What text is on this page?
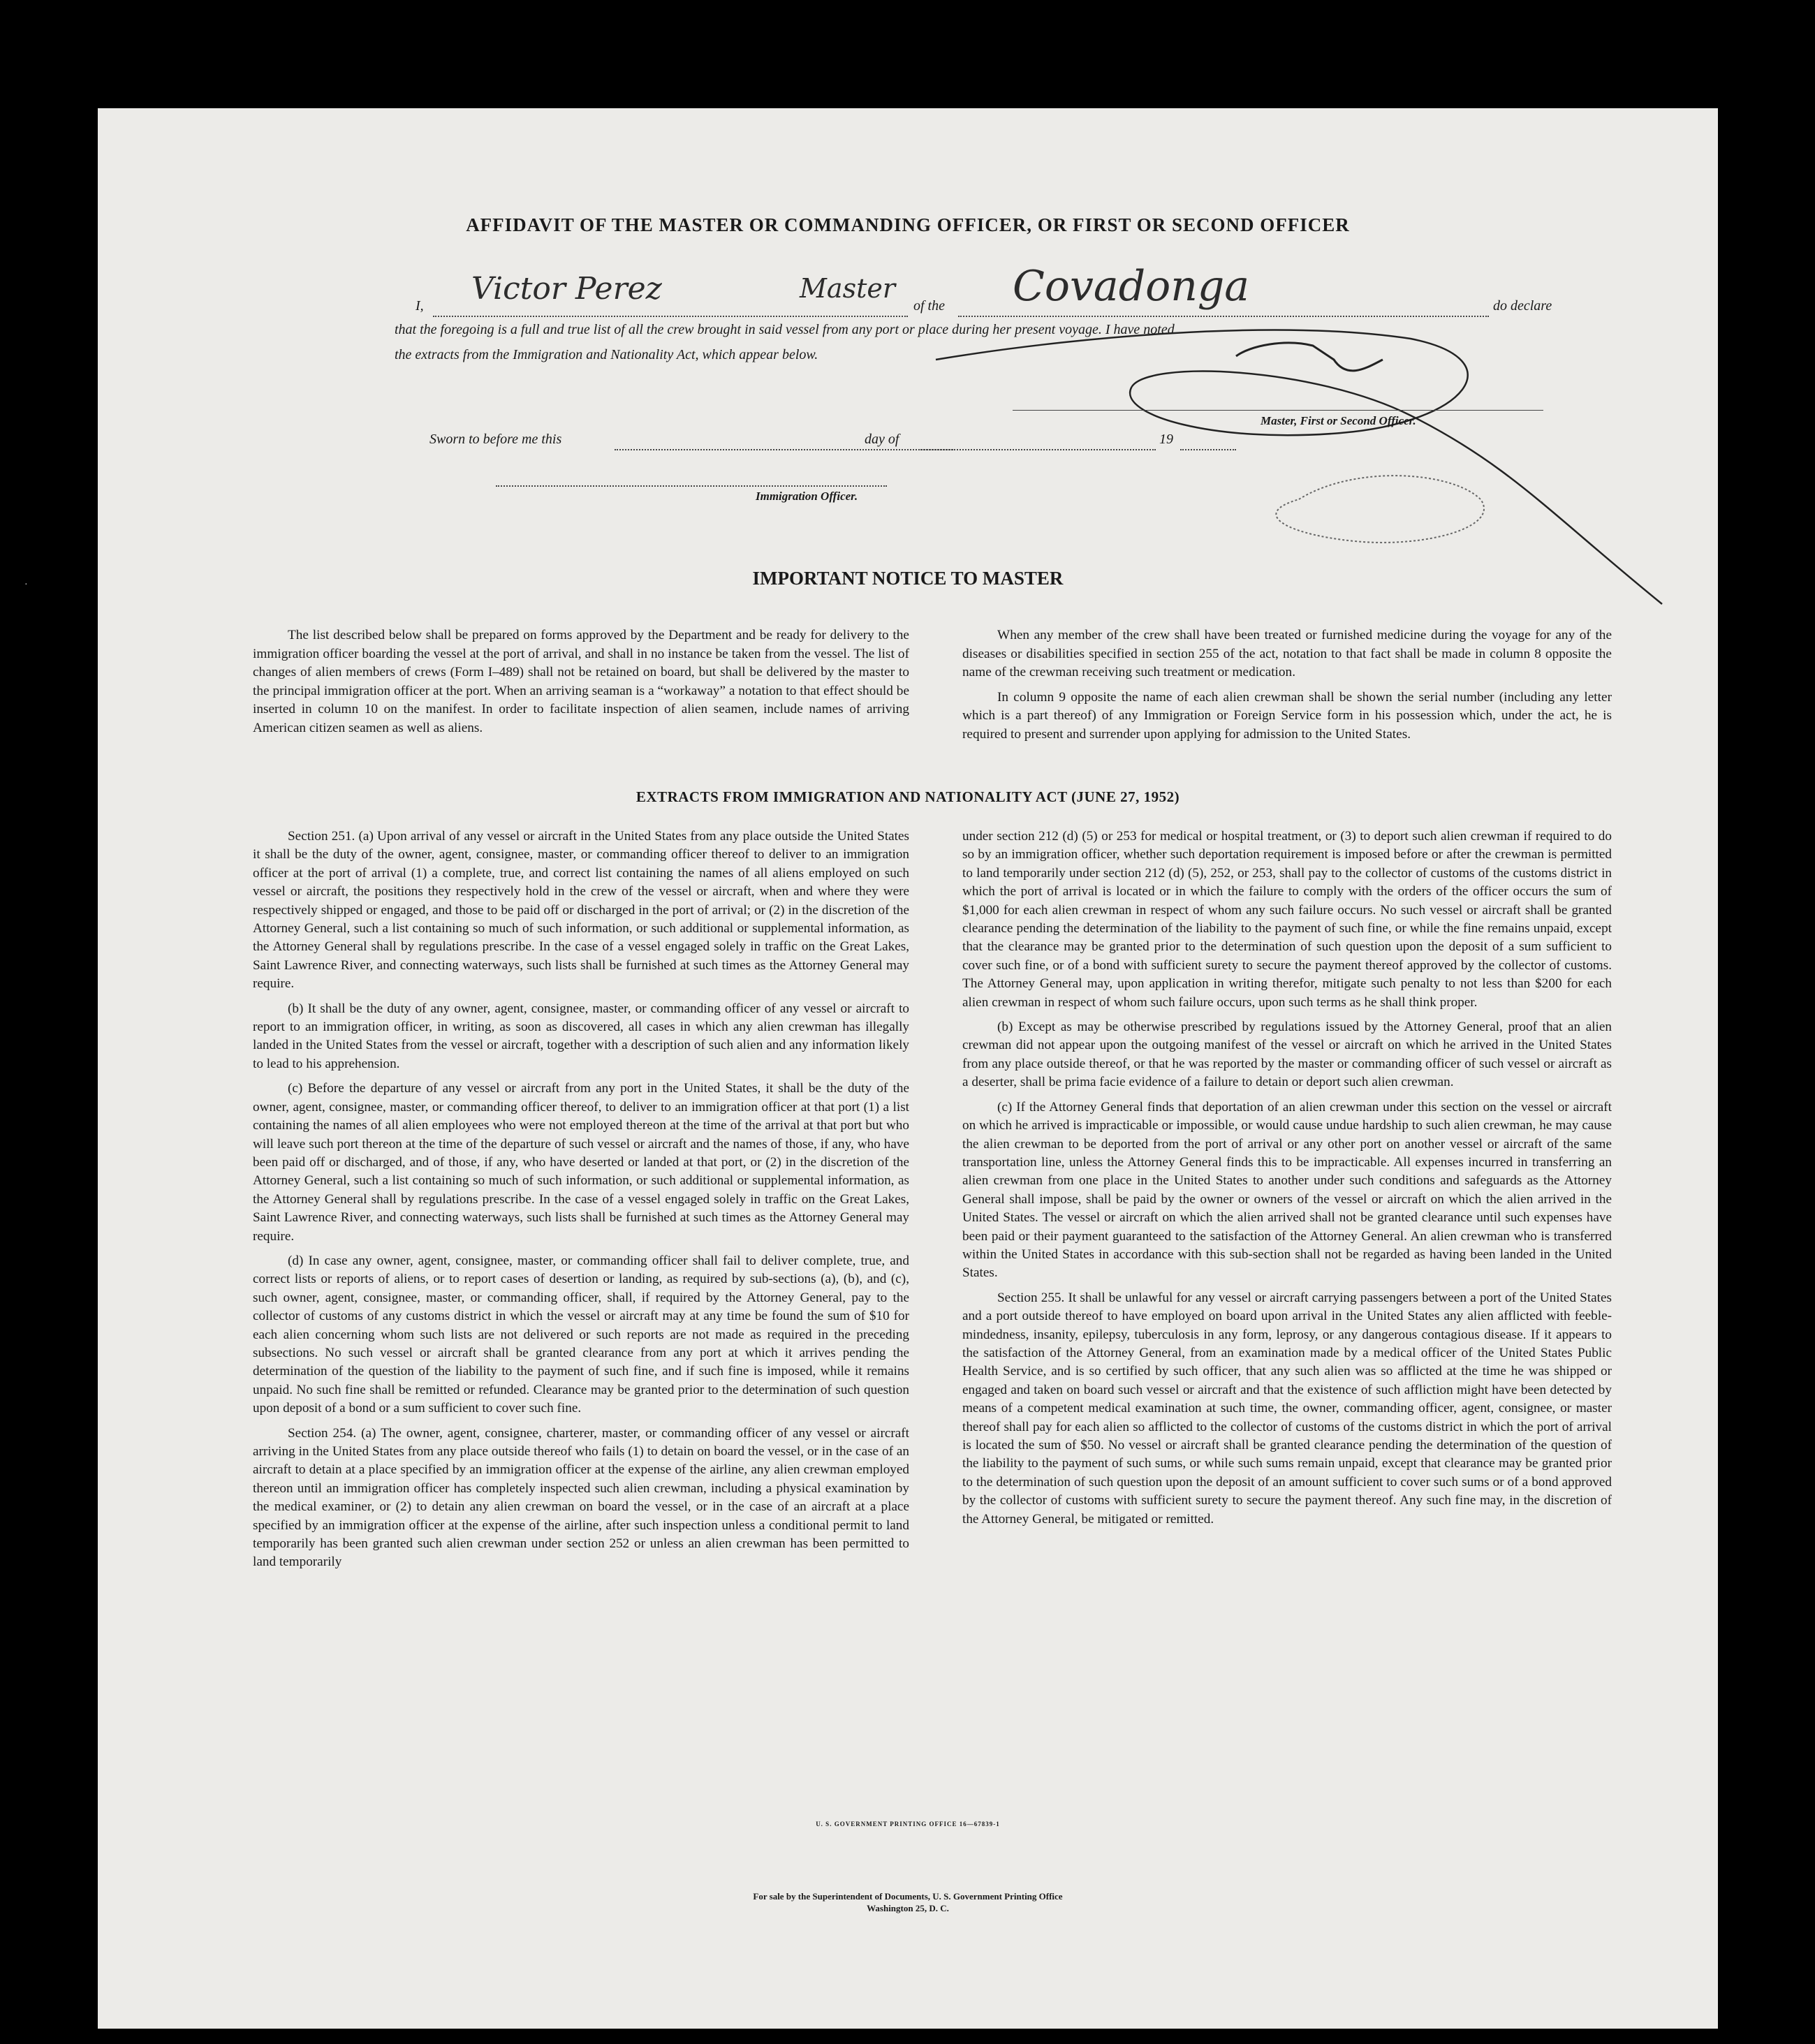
AFFIDAVIT OF THE MASTER OR COMMANDING OFFICER, OR FIRST OR SECOND OFFICER
I, Victor Perez	Master
of the Covadonga	do declare
that the foregoing is a full and true list of all the crew brought in said vessel from any port or place during her present voyage. I have noted
the extracts from the Immigration and Nationality Act, which appear below.
Master, First or Second Officer.
Sworn to before me this	day of	19
Immigration Officer.
IMPORTANT NOTICE TO MASTER

The list described below shall be prepared on forms approved by the Department and be ready for delivery to the immigration officer boarding the vessel at the port of arrival, and shall in no instance be taken from the vessel. The list of changes of alien members of crews (Form I–489) shall not be retained on board, but shall be delivered by the master to the principal immigration officer at the port. When an arriving seaman is a “workaway” a notation to that effect should be inserted in column 10 on the manifest. In order to facilitate inspection of alien seamen, include names of arriving American citizen seamen as well as aliens.

When any member of the crew shall have been treated or furnished medicine during the voyage for any of the diseases or disabilities specified in section 255 of the act, notation to that fact shall be made in column 8 opposite the name of the crewman receiving such treatment or medication.

In column 9 opposite the name of each alien crewman shall be shown the serial number (including any letter which is a part thereof) of any Immigration or Foreign Service form in his possession which, under the act, he is required to present and surrender upon applying for admission to the United States.

EXTRACTS FROM IMMIGRATION AND NATIONALITY ACT (JUNE 27, 1952)

Section 251. (a) Upon arrival of any vessel or aircraft in the United States from any place outside the United States it shall be the duty of the owner, agent, consignee, master, or commanding officer thereof to deliver to an immigration officer at the port of arrival (1) a complete, true, and correct list containing the names of all aliens employed on such vessel or aircraft, the positions they respectively hold in the crew of the vessel or aircraft, when and where they were respectively shipped or engaged, and those to be paid off or discharged in the port of arrival; or (2) in the discretion of the Attorney General, such a list containing so much of such information, or such additional or supplemental information, as the Attorney General shall by regulations prescribe. In the case of a vessel engaged solely in traffic on the Great Lakes, Saint Lawrence River, and connecting waterways, such lists shall be furnished at such times as the Attorney General may require.

(b) It shall be the duty of any owner, agent, consignee, master, or commanding officer of any vessel or aircraft to report to an immigration officer, in writing, as soon as discovered, all cases in which any alien crewman has illegally landed in the United States from the vessel or aircraft, together with a description of such alien and any information likely to lead to his apprehension.

(c) Before the departure of any vessel or aircraft from any port in the United States, it shall be the duty of the owner, agent, consignee, master, or commanding officer thereof, to deliver to an immigration officer at that port (1) a list containing the names of all alien employees who were not employed thereon at the time of the arrival at that port but who will leave such port thereon at the time of the departure of such vessel or aircraft and the names of those, if any, who have been paid off or discharged, and of those, if any, who have deserted or landed at that port, or (2) in the discretion of the Attorney General, such a list containing so much of such information, or such additional or supplemental information, as the Attorney General shall by regulations prescribe. In the case of a vessel engaged solely in traffic on the Great Lakes, Saint Lawrence River, and connecting waterways, such lists shall be furnished at such times as the Attorney General may require.

(d) In case any owner, agent, consignee, master, or commanding officer shall fail to deliver complete, true, and correct lists or reports of aliens, or to report cases of desertion or landing, as required by sub-sections (a), (b), and (c), such owner, agent, consignee, master, or commanding officer, shall, if required by the Attorney General, pay to the collector of customs of any customs district in which the vessel or aircraft may at any time be found the sum of $10 for each alien concerning whom such lists are not delivered or such reports are not made as required in the preceding subsections. No such vessel or aircraft shall be granted clearance from any port at which it arrives pending the determination of the question of the liability to the payment of such fine, and if such fine is imposed, while it remains unpaid. No such fine shall be remitted or refunded. Clearance may be granted prior to the determination of such question upon deposit of a bond or a sum sufficient to cover such fine.

Section 254. (a) The owner, agent, consignee, charterer, master, or commanding officer of any vessel or aircraft arriving in the United States from any place outside thereof who fails (1) to detain on board the vessel, or in the case of an aircraft to detain at a place specified by an immigration officer at the expense of the airline, any alien crewman employed thereon until an immigration officer has completely inspected such alien crewman, including a physical examination by the medical examiner, or (2) to detain any alien crewman on board the vessel, or in the case of an aircraft at a place specified by an immigration officer at the expense of the airline, after such inspection unless a conditional permit to land temporarily has been granted such alien crewman under section 252 or unless an alien crewman has been permitted to land temporarily

under section 212 (d) (5) or 253 for medical or hospital treatment, or (3) to deport such alien crewman if required to do so by an immigration officer, whether such deportation requirement is imposed before or after the crewman is permitted to land temporarily under section 212 (d) (5), 252, or 253, shall pay to the collector of customs of the customs district in which the port of arrival is located or in which the failure to comply with the orders of the officer occurs the sum of $1,000 for each alien crewman in respect of whom any such failure occurs. No such vessel or aircraft shall be granted clearance pending the determination of the liability to the payment of such fine, or while the fine remains unpaid, except that the clearance may be granted prior to the determination of such question upon the deposit of a sum sufficient to cover such fine, or of a bond with sufficient surety to secure the payment thereof approved by the collector of customs. The Attorney General may, upon application in writing therefor, mitigate such penalty to not less than $200 for each alien crewman in respect of whom such failure occurs, upon such terms as he shall think proper.

(b) Except as may be otherwise prescribed by regulations issued by the Attorney General, proof that an alien crewman did not appear upon the outgoing manifest of the vessel or aircraft on which he arrived in the United States from any place outside thereof, or that he was reported by the master or commanding officer of such vessel or aircraft as a deserter, shall be prima facie evidence of a failure to detain or deport such alien crewman.

(c) If the Attorney General finds that deportation of an alien crewman under this section on the vessel or aircraft on which he arrived is impracticable or impossible, or would cause undue hardship to such alien crewman, he may cause the alien crewman to be deported from the port of arrival or any other port on another vessel or aircraft of the same transportation line, unless the Attorney General finds this to be impracticable. All expenses incurred in transferring an alien crewman from one place in the United States to another under such conditions and safeguards as the Attorney General shall impose, shall be paid by the owner or owners of the vessel or aircraft on which the alien arrived in the United States. The vessel or aircraft on which the alien arrived shall not be granted clearance until such expenses have been paid or their payment guaranteed to the satisfaction of the Attorney General. An alien crewman who is transferred within the United States in accordance with this sub-section shall not be regarded as having been landed in the United States.

Section 255. It shall be unlawful for any vessel or aircraft carrying passengers between a port of the United States and a port outside thereof to have employed on board upon arrival in the United States any alien afflicted with feeble-mindedness, insanity, epilepsy, tuberculosis in any form, leprosy, or any dangerous contagious disease. If it appears to the satisfaction of the Attorney General, from an examination made by a medical officer of the United States Public Health Service, and is so certified by such officer, that any such alien was so afflicted at the time he was shipped or engaged and taken on board such vessel or aircraft and that the existence of such affliction might have been detected by means of a competent medical examination at such time, the owner, commanding officer, agent, consignee, or master thereof shall pay for each alien so afflicted to the collector of customs of the customs district in which the port of arrival is located the sum of $50. No vessel or aircraft shall be granted clearance pending the determination of the question of the liability to the payment of such sums, or while such sums remain unpaid, except that clearance may be granted prior to the determination of such question upon the deposit of an amount sufficient to cover such sums or of a bond approved by the collector of customs with sufficient surety to secure the payment thereof. Any such fine may, in the discretion of the Attorney General, be mitigated or remitted.

U. S. GOVERNMENT PRINTING OFFICE 16—67839-1
For sale by the Superintendent of Documents, U. S. Government Printing Office
Washington 25, D. C.
·
